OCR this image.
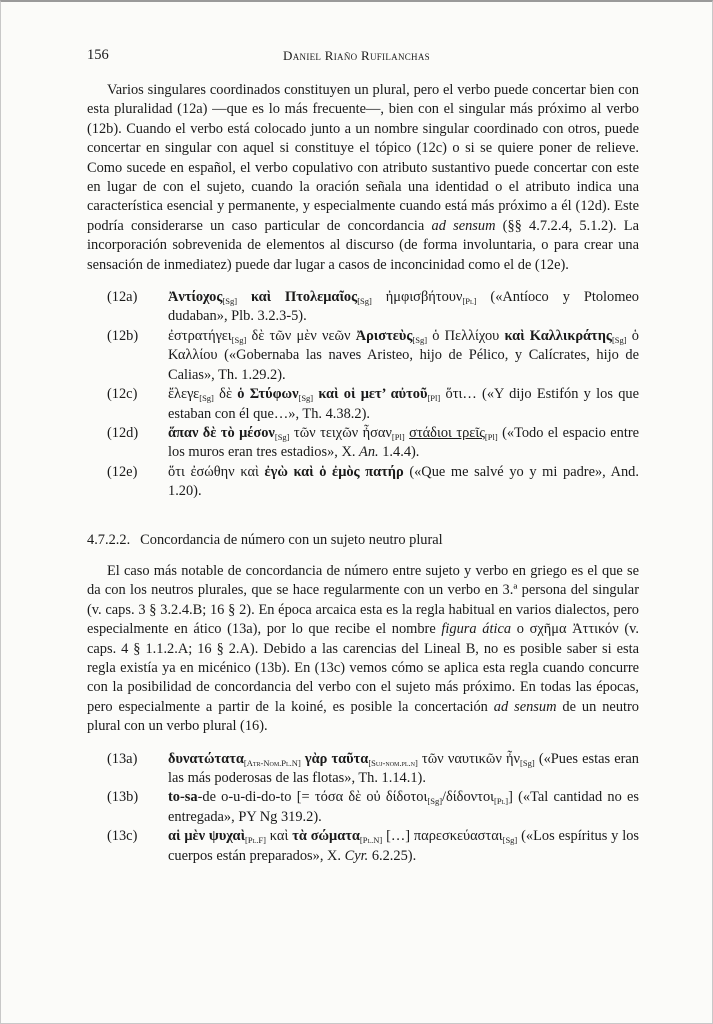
156	Daniel Riaño Rufilanchas

Varios singulares coordinados constituyen un plural, pero el verbo puede concertar bien con esta pluralidad (12a) —que es lo más frecuente—, bien con el singular más próximo al verbo (12b). Cuando el verbo está colocado junto a un nombre singular coordinado con otros, puede concertar en singular con aquel si constituye el tópico (12c) o si se quiere poner de relieve. Como sucede en español, el verbo copulativo con atributo sustantivo puede concertar con este en lugar de con el sujeto, cuando la oración señala una identidad o el atributo indica una característica esencial y permanente, y especialmente cuando está más próximo a él (12d). Este podría considerarse un caso particular de concordancia ad sensum (§§ 4.7.2.4, 5.1.2). La incorporación sobrevenida de elementos al discurso (de forma involuntaria, o para crear una sensación de inmediatez) puede dar lugar a casos de inconcinidad como el de (12e).

(12a) Ἀντίοχος$_{[Sg]}$ καὶ Πτολεμαῖος$_{[Sg]}$ ἠμφισβήτουν$_{[Pl]}$ («Antíoco y Ptolomeo dudaban», Plb. 3.2.3-5).
(12b) ἐστρατήγει$_{[Sg]}$ δὲ τῶν μὲν νεῶν Ἀριστεὺς$_{[Sg]}$ ὁ Πελλίχου καὶ Καλλικράτης$_{[Sg]}$ ὁ Καλλίου («Gobernaba las naves Aristeo, hijo de Pélico, y Calícrates, hijo de Calias», Th. 1.29.2).
(12c) ἔλεγε$_{[Sg]}$ δὲ ὁ Στύφων$_{[Sg]}$ καὶ οἱ μετ’ αὐτοῦ$_{[Pl]}$ ὅτι… («Y dijo Estifón y los que estaban con él que…», Th. 4.38.2).
(12d) ἅπαν δὲ τὸ μέσον$_{[Sg]}$ τῶν τειχῶν ἦσαν$_{[Pl]}$ στάδιοι τρεῖς$_{[Pl]}$ («Todo el espacio entre los muros eran tres estadios», X. An. 1.4.4).
(12e) ὅτι ἐσώθην καὶ ἐγὼ καὶ ὁ ἐμὸς πατήρ («Que me salvé yo y mi padre», And. 1.20).
4.7.2.2. Concordancia de número con un sujeto neutro plural

El caso más notable de concordancia de número entre sujeto y verbo en griego es el que se da con los neutros plurales, que se hace regularmente con un verbo en 3.ª persona del singular (v. caps. 3 § 3.2.4.B; 16 § 2). En época arcaica esta es la regla habitual en varios dialectos, pero especialmente en ático (13a), por lo que recibe el nombre figura ática o σχῆμα Ἀττικόν (v. caps. 4 § 1.1.2.A; 16 § 2.A). Debido a las carencias del Lineal B, no es posible saber si esta regla existía ya en micénico (13b). En (13c) vemos cómo se aplica esta regla cuando concurre con la posibilidad de concordancia del verbo con el sujeto más próximo. En todas las épocas, pero especialmente a partir de la koiné, es posible la concertación ad sensum de un neutro plural con un verbo plural (16).

(13a) δυνατώτατα$_{[Atr-Nom.Pl.N]}$ γὰρ ταῦτα$_{[Suj-nom.pl.n]}$ τῶν ναυτικῶν ἦν$_{[Sg]}$ («Pues estas eran las más poderosas de las flotas», Th. 1.14.1).
(13b) to-sa-de o-u-di-do-to [= τόσα δὲ οὐ δίδοτοι$_{[Sg]}$/δίδοντοι$_{[Pl]}$] («Tal cantidad no es entregada», PY Ng 319.2).
(13c) αἱ μὲν ψυχαὶ$_{[Pl.F]}$ καὶ τὰ σώματα$_{[Pl.N]}$ […] παρεσκεύασται$_{[Sg]}$ («Los espíritus y los cuerpos están preparados», X. Cyr. 6.2.25).
